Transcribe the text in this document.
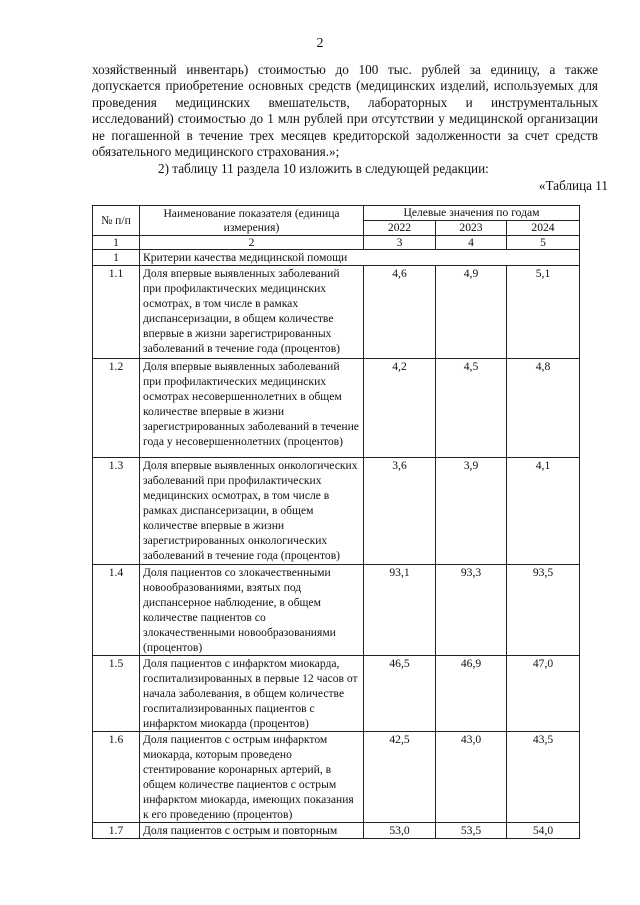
2

хозяйственный инвентарь) стоимостью до 100 тыс. рублей за единицу, а также допускается приобретение основных средств (медицинских изделий, используемых для проведения медицинских вмешательств, лабораторных и инструментальных исследований) стоимостью до 1 млн рублей при отсутствии у медицинской организации не погашенной в течение трех месяцев кредиторской задолженности за счет средств обязательного медицинского страхования.»;

2) таблицу 11 раздела 10 изложить в следующей редакции:

«Таблица 11
№ п/п	Наименование показателя (единица измерения)	Целевые значения по годам		
		2022	2023	2024
1	2	3	4	5
1	Критерии качества медицинской помощи			
1.1	Доля впервые выявленных заболеваний при профилактических медицинских осмотрах, в том числе в рамках диспансеризации, в общем количестве впервые в жизни зарегистрированных заболеваний в течение года (процентов)	4,6	4,9	5,1
1.2	Доля впервые выявленных заболеваний при профилактических медицинских осмотрах несовершеннолетних в общем количестве впервые в жизни зарегистрированных заболеваний в течение года у несовершеннолетних (процентов)	4,2	4,5	4,8
1.3	Доля впервые выявленных онкологических заболеваний при профилактических медицинских осмотрах, в том числе в рамках диспансеризации, в общем количестве впервые в жизни зарегистрированных онкологических заболеваний в течение года (процентов)	3,6	3,9	4,1
1.4	Доля пациентов со злокачественными новообразованиями, взятых под диспансерное наблюдение, в общем количестве пациентов со злокачественными новообразованиями (процентов)	93,1	93,3	93,5
1.5	Доля пациентов с инфарктом миокарда, госпитализированных в первые 12 часов от начала заболевания, в общем количестве госпитализированных пациентов с инфарктом миокарда (процентов)	46,5	46,9	47,0
1.6	Доля пациентов с острым инфарктом миокарда, которым проведено стентирование коронарных артерий, в общем количестве пациентов с острым инфарктом миокарда, имеющих показания к его проведению (процентов)	42,5	43,0	43,5
1.7	Доля пациентов с острым и повторным	53,0	53,5	54,0
